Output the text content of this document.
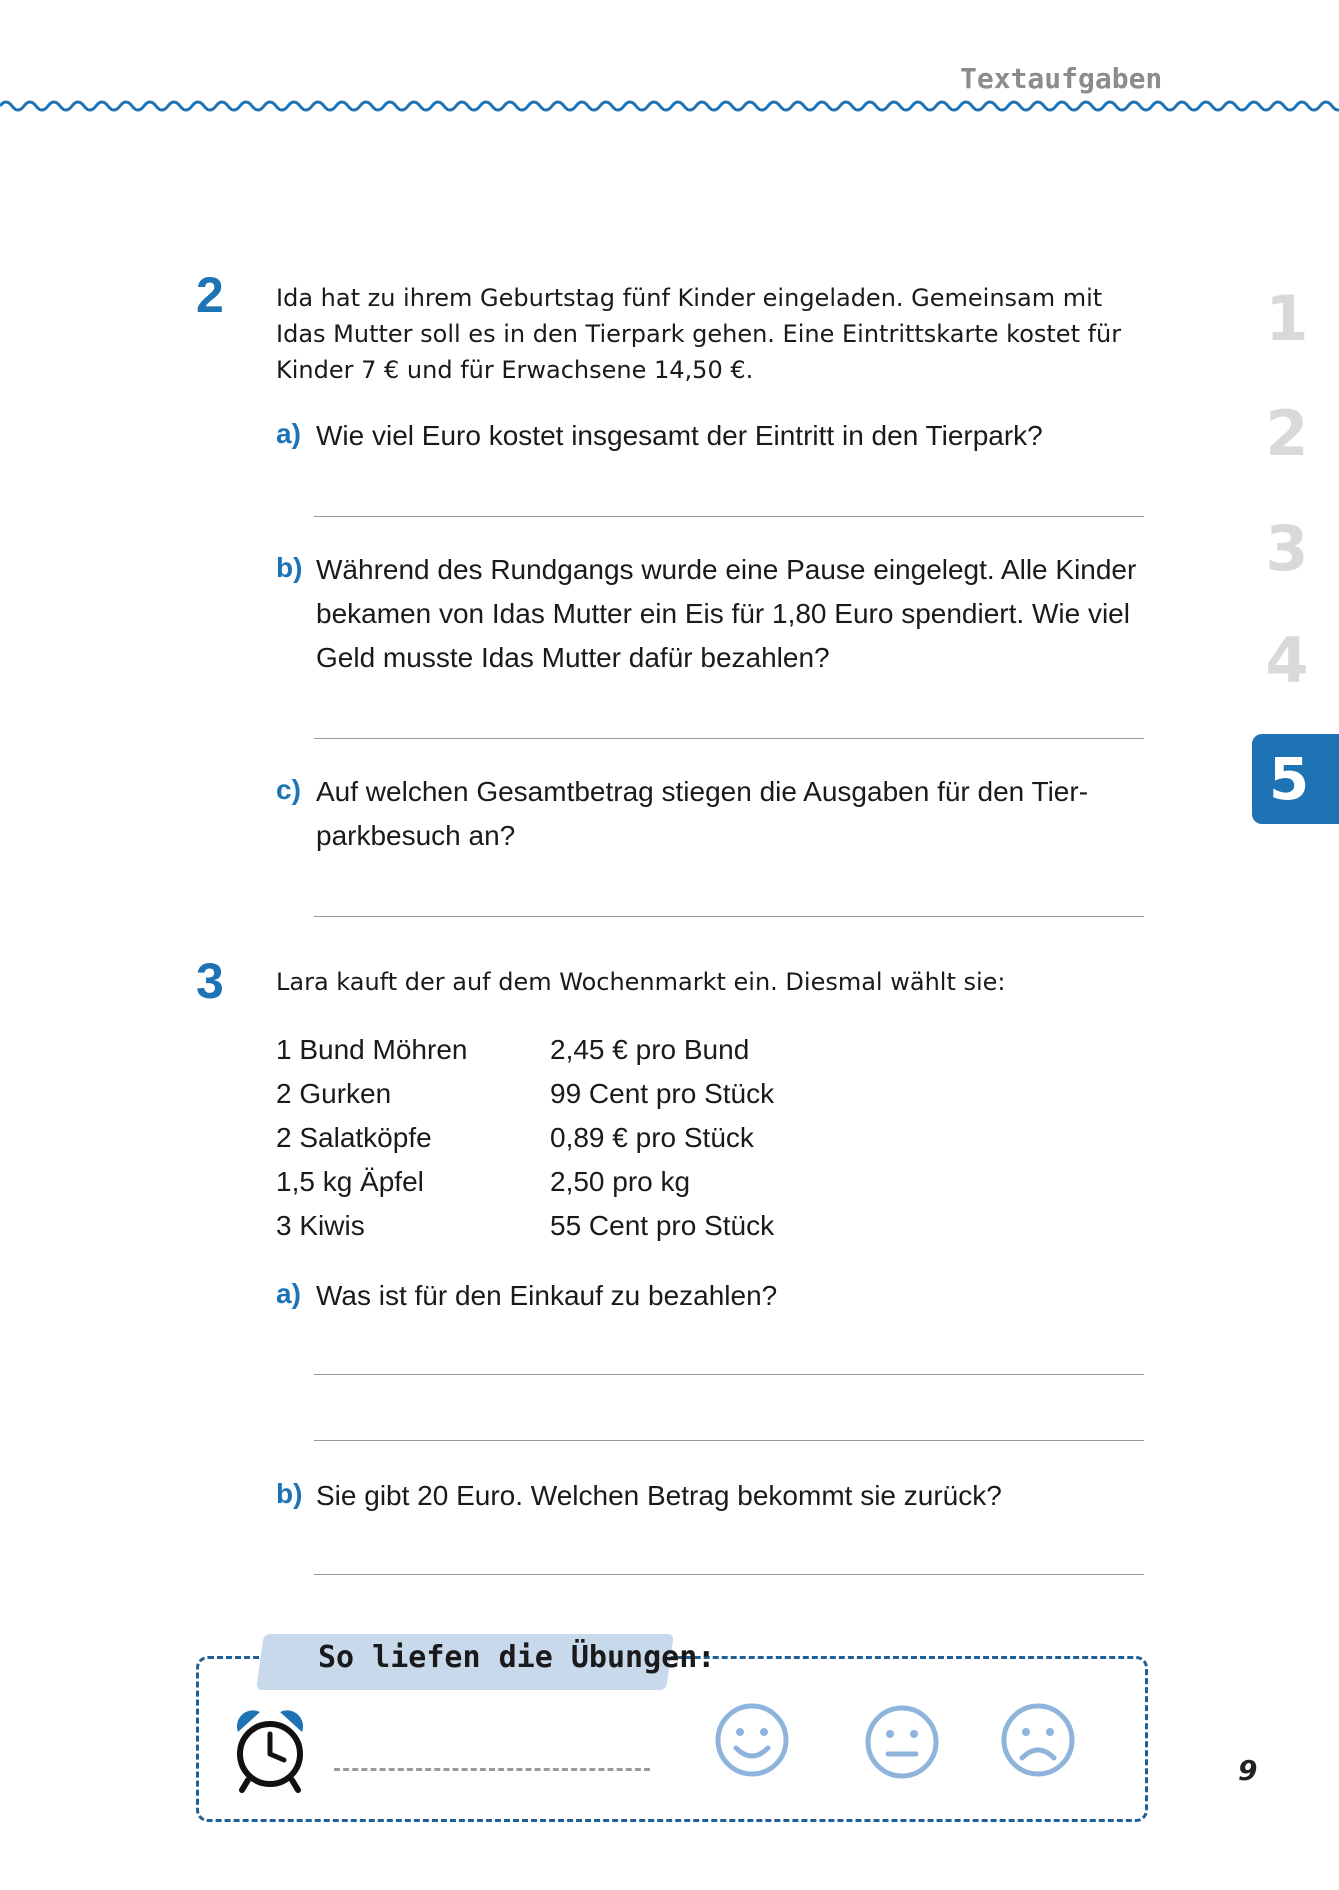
Textaufgaben
1
2
3
4
5
2 Ida hat zu ihrem Geburtstag fünf Kinder eingeladen. Gemeinsam mit
Idas Mutter soll es in den Tierpark gehen. Eine Eintrittskarte kostet für
Kinder 7 € und für Erwachsene 14,50 €.
a) Wie viel Euro kostet insgesamt der Eintritt in den Tierpark?
b) Während des Rundgangs wurde eine Pause eingelegt. Alle Kinder
bekamen von Idas Mutter ein Eis für 1,80 Euro spendiert. Wie viel
Geld musste Idas Mutter dafür bezahlen?
c) Auf welchen Gesamtbetrag stiegen die Ausgaben für den Tier-
parkbesuch an?
3 Lara kauft der auf dem Wochenmarkt ein. Diesmal wählt sie:
1 Bund Möhren	2,45 € pro Bund
2 Gurken	99 Cent pro Stück
2 Salatköpfe	0,89 € pro Stück
1,5 kg Äpfel	2,50 pro kg
3 Kiwis	55 Cent pro Stück
a) Was ist für den Einkauf zu bezahlen?
b) Sie gibt 20 Euro. Welchen Betrag bekommt sie zurück?
So liefen die Übungen:
9
